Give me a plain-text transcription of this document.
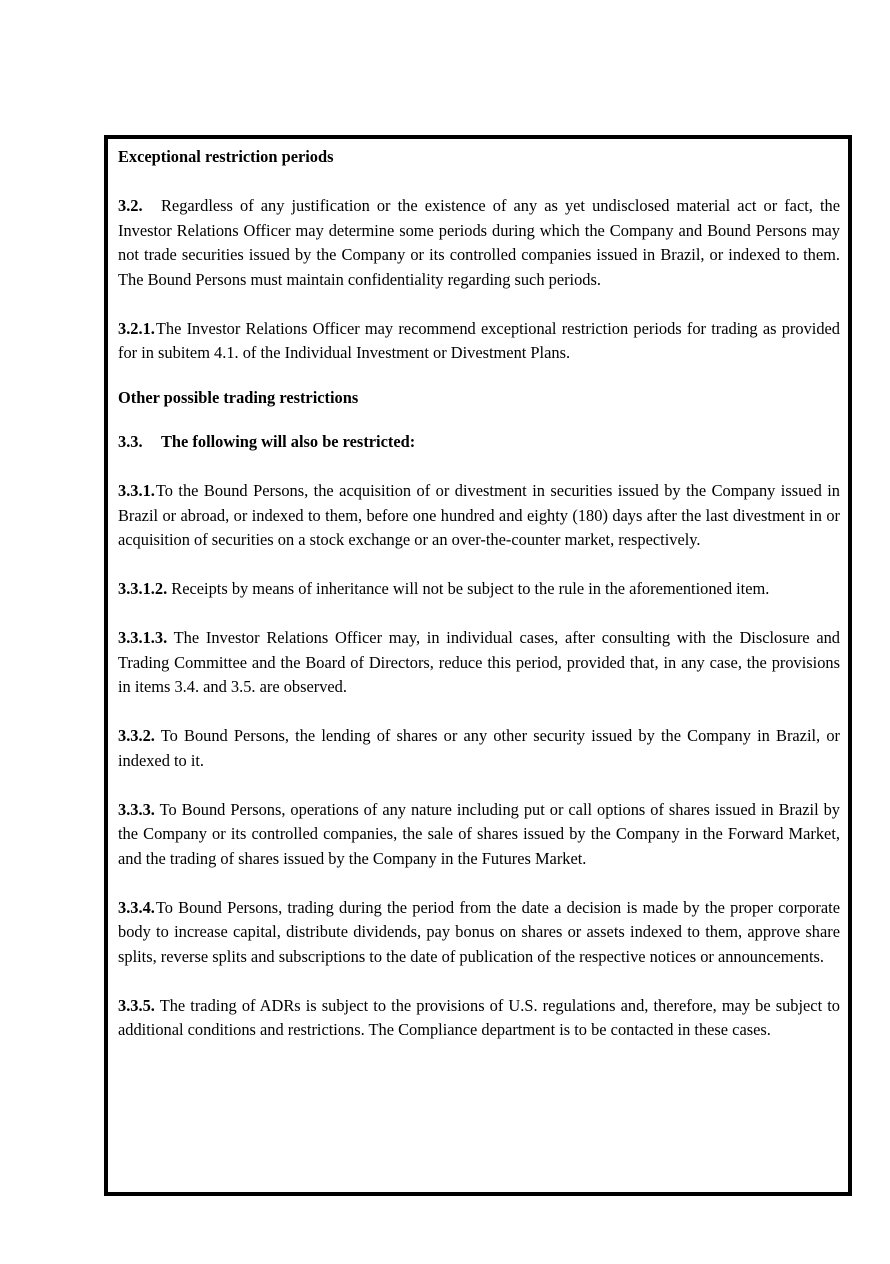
Exceptional restriction periods

3.2. Regardless of any justification or the existence of any as yet undisclosed material act or fact, the Investor Relations Officer may determine some periods during which the Company and Bound Persons may not trade securities issued by the Company or its controlled companies issued in Brazil, or indexed to them. The Bound Persons must maintain confidentiality regarding such periods.

3.2.1.The Investor Relations Officer may recommend exceptional restriction periods for trading as provided for in subitem 4.1. of the Individual Investment or Divestment Plans.

Other possible trading restrictions

3.3. The following will also be restricted:

3.3.1.To the Bound Persons, the acquisition of or divestment in securities issued by the Company issued in Brazil or abroad, or indexed to them, before one hundred and eighty (180) days after the last divestment in or acquisition of securities on a stock exchange or an over-the-counter market, respectively.

3.3.1.2. Receipts by means of inheritance will not be subject to the rule in the aforementioned item.

3.3.1.3. The Investor Relations Officer may, in individual cases, after consulting with the Disclosure and Trading Committee and the Board of Directors, reduce this period, provided that, in any case, the provisions in items 3.4. and 3.5. are observed.

3.3.2. To Bound Persons, the lending of shares or any other security issued by the Company in Brazil, or indexed to it.

3.3.3. To Bound Persons, operations of any nature including put or call options of shares issued in Brazil by the Company or its controlled companies, the sale of shares issued by the Company in the Forward Market, and the trading of shares issued by the Company in the Futures Market.

3.3.4.To Bound Persons, trading during the period from the date a decision is made by the proper corporate body to increase capital, distribute dividends, pay bonus on shares or assets indexed to them, approve share splits, reverse splits and subscriptions to the date of publication of the respective notices or announcements.

3.3.5. The trading of ADRs is subject to the provisions of U.S. regulations and, therefore, may be subject to additional conditions and restrictions. The Compliance department is to be contacted in these cases.
